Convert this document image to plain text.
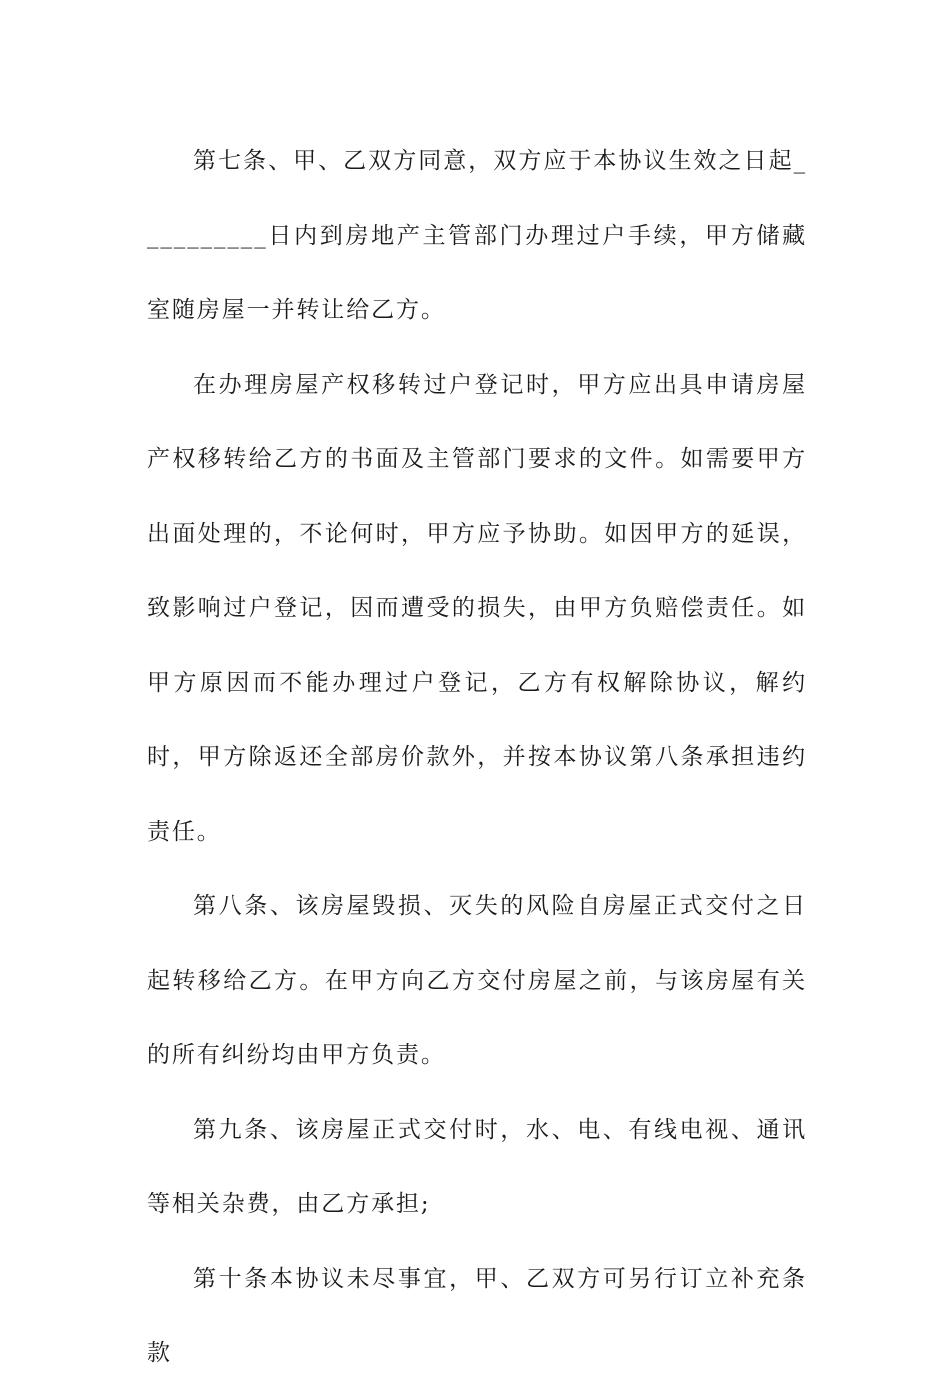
第七条、甲、乙双方同意，双方应于本协议生效之日起__________日内到房地产主管部门办理过户手续，甲方储藏室随房屋一并转让给乙方。

在办理房屋产权移转过户登记时，甲方应出具申请房屋产权移转给乙方的书面及主管部门要求的文件。如需要甲方出面处理的，不论何时，甲方应予协助。如因甲方的延误，致影响过户登记，因而遭受的损失，由甲方负赔偿责任。如甲方原因而不能办理过户登记，乙方有权解除协议，解约时，甲方除返还全部房价款外，并按本协议第八条承担违约责任。

第八条、该房屋毁损、灭失的风险自房屋正式交付之日起转移给乙方。在甲方向乙方交付房屋之前，与该房屋有关的所有纠纷均由甲方负责。

第九条、该房屋正式交付时，水、电、有线电视、通讯等相关杂费，由乙方承担;

第十条本协议未尽事宜，甲、乙双方可另行订立补充条款
